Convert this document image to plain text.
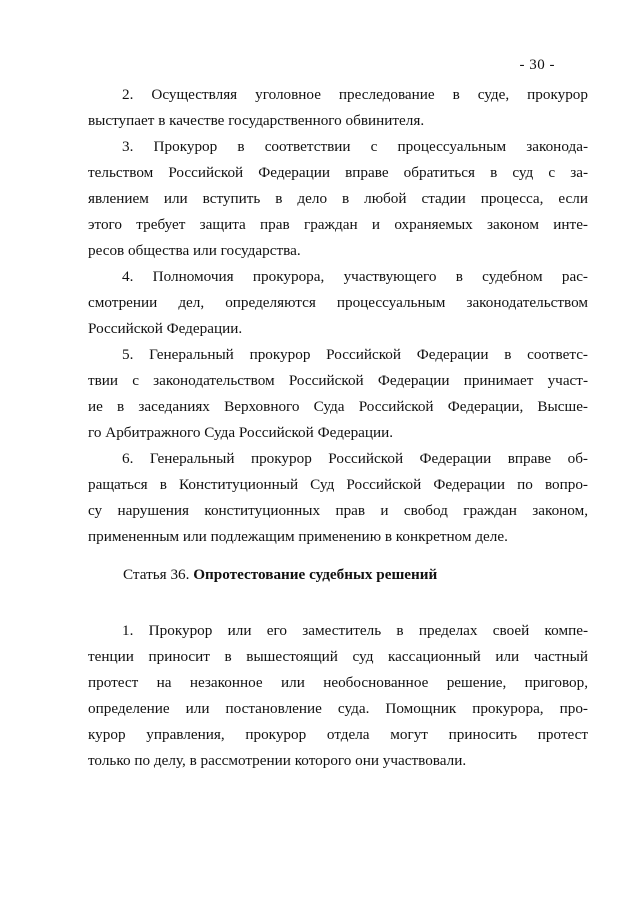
- 30 -
2. Осуществляя уголовное преследование в суде, прокурор
выступает в качестве государственного обвинителя.
3. Прокурор в соответствии с процессуальным законода-
тельством Российской Федерации вправе обратиться в суд с за-
явлением или вступить в дело в любой стадии процесса, если
этого требует защита прав граждан и охраняемых законом инте-
ресов общества или государства.
4. Полномочия прокурора, участвующего в судебном рас-
смотрении дел, определяются процессуальным законодательством
Российской Федерации.
5. Генеральный прокурор Российской Федерации в соответс-
твии с законодательством Российской Федерации принимает участ-
ие в заседаниях Верховного Суда Российской Федерации, Высше-
го Арбитражного Суда Российской Федерации.
6. Генеральный прокурор Российской Федерации вправе об-
ращаться в Конституционный Суд Российской Федерации по вопро-
су нарушения конституционных прав и свобод граждан законом,
примененным или подлежащим применению в конкретном деле.
Статья 36. Опротестование судебных решений
1. Прокурор или его заместитель в пределах своей компе-
тенции приносит в вышестоящий суд кассационный или частный
протест на незаконное или необоснованное решение, приговор,
определение или постановление суда. Помощник прокурора, про-
курор управления, прокурор отдела могут приносить протест
только по делу, в рассмотрении которого они участвовали.
